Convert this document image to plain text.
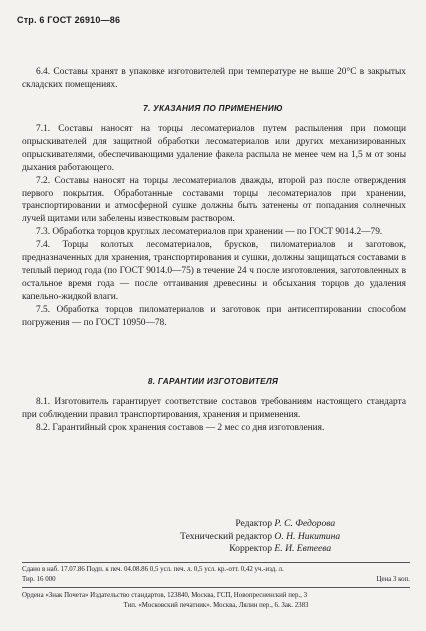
Стр. 6 ГОСТ 26910—86

6.4. Составы хранят в упаковке изготовителей при температуре не выше 20°С в закрытых складских помещениях.

7. УКАЗАНИЯ ПО ПРИМЕНЕНИЮ

7.1. Составы наносят на торцы лесоматериалов путем распыления при помощи опрыскивателей для защитной обработки лесоматериалов или других механизированных опрыскивателями, обеспечивающими удаление факела распыла не менее чем на 1,5 м от зоны дыхания работающего.

7.2. Составы наносят на торцы лесоматериалов дважды, второй раз после отверждения первого покрытия. Обработанные составами торцы лесоматериалов при хранении, транспортировании и атмосферной сушке должны быть затенены от попадания солнечных лучей щитами или забелены известковым раствором.

7.3. Обработка торцов круглых лесоматериалов при хранении — по ГОСТ 9014.2—79.

7.4. Торцы колотых лесоматериалов, брусков, пиломатериалов и заготовок, предназначенных для хранения, транспортирования и сушки, должны защищаться составами в теплый период года (по ГОСТ 9014.0—75) в течение 24 ч после изготовления, заготовленных в остальное время года — после оттаивания древесины и обсыхания торцов до удаления капельно-жидкой влаги.

7.5. Обработка торцов пиломатериалов и заготовок при антисептировании способом погружения — по ГОСТ 10950—78.

8. ГАРАНТИИ ИЗГОТОВИТЕЛЯ

8.1. Изготовитель гарантирует соответствие составов требованиям настоящего стандарта при соблюдении правил транспортирования, хранения и применения.

8.2. Гарантийный срок хранения составов — 2 мес со дня изготовления.

Редактор Р. С. Федорова
Технический редактор О. Н. Никитина
Корректор Е. И. Евтеева
Сдано в наб. 17.07.86 Подп. к печ. 04.08.86 0,5 усл. печ. л. 0,5 усл. кр.-отт. 0,42 уч.-изд. л.
Тир. 16 000	Цена 3 коп.
Ордена «Знак Почета» Издательство стандартов, 123840, Москва, ГСП, Новопресненский пер., 3
Тип. «Московский печатник». Москва, Лялин пер., 6. Зак. 2383
